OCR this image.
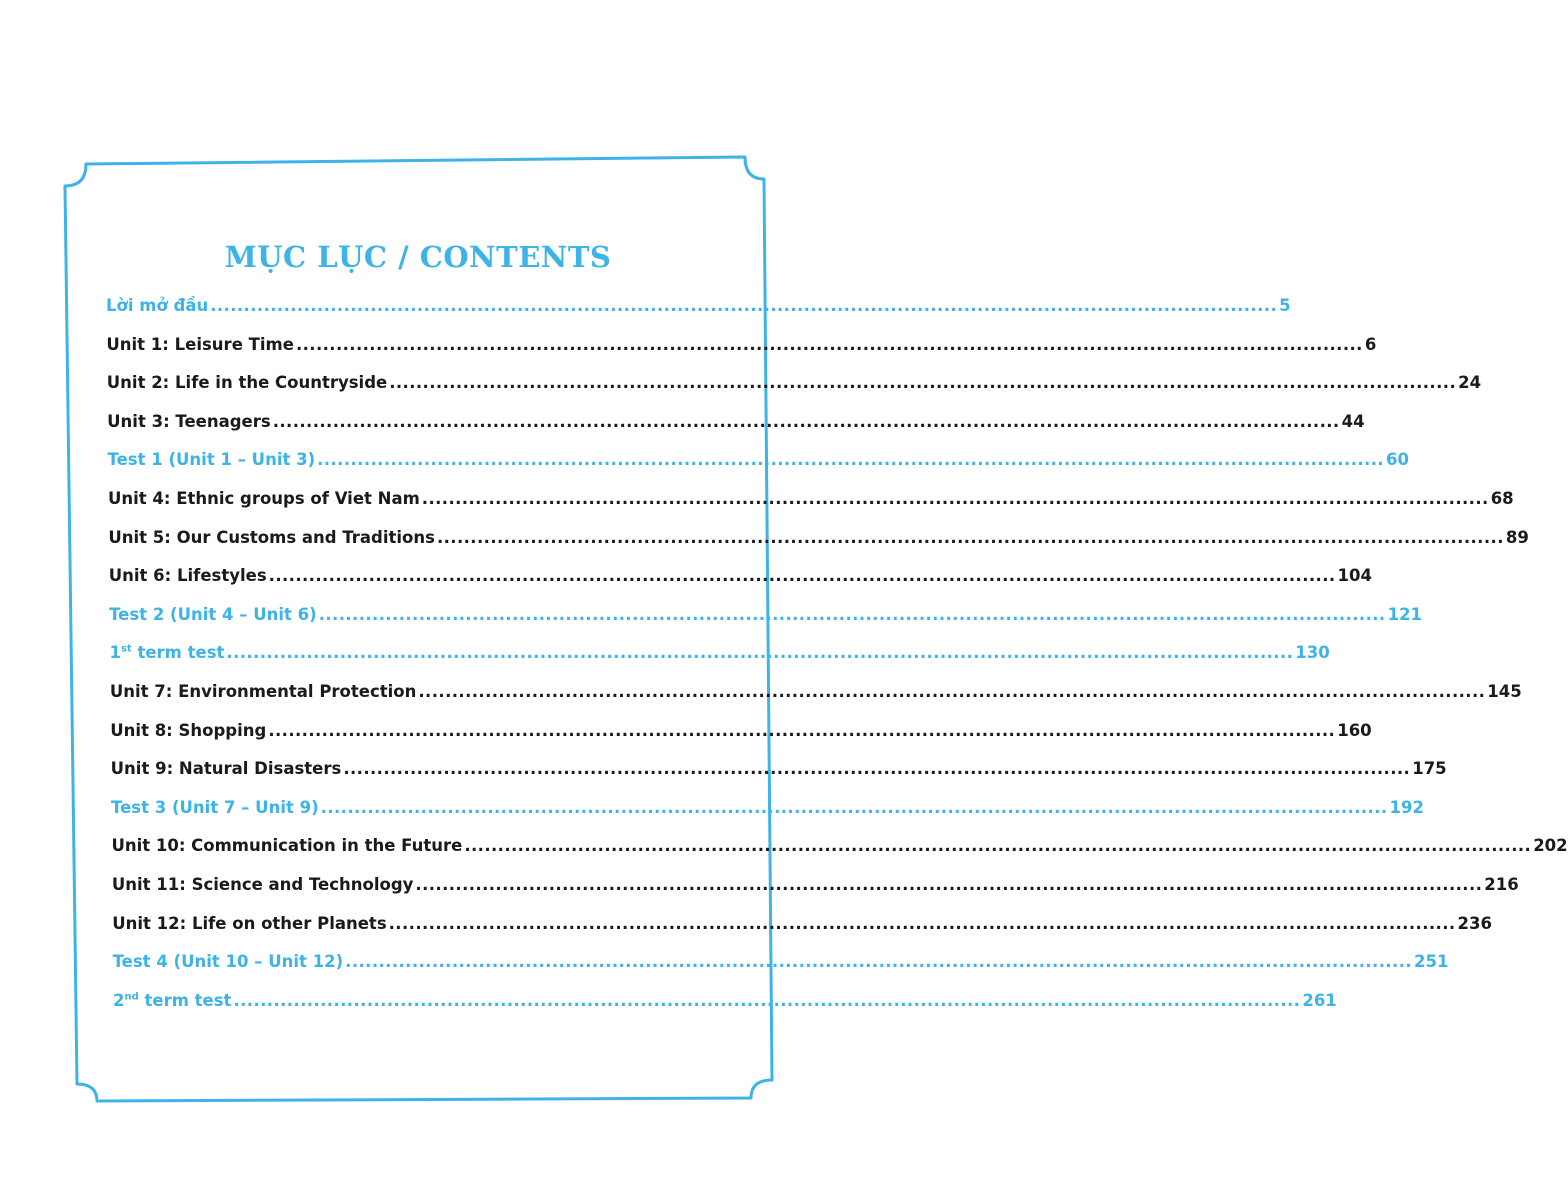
MỤC LỤC / CONTENTS
Lời mở đầu ................................................................................................................................................................ 5
Unit 1: Leisure Time ................................................................................................................................................................ 6
Unit 2: Life in the Countryside ................................................................................................................................................................ 24
Unit 3: Teenagers ................................................................................................................................................................ 44
Test 1 (Unit 1 – Unit 3) ................................................................................................................................................................ 60
Unit 4: Ethnic groups of Viet Nam ................................................................................................................................................................ 68
Unit 5: Our Customs and Traditions ................................................................................................................................................................ 89
Unit 6: Lifestyles ................................................................................................................................................................ 104
Test 2 (Unit 4 – Unit 6) ................................................................................................................................................................ 121
1st term test ................................................................................................................................................................ 130
Unit 7: Environmental Protection ................................................................................................................................................................ 145
Unit 8: Shopping ................................................................................................................................................................ 160
Unit 9: Natural Disasters ................................................................................................................................................................ 175
Test 3 (Unit 7 – Unit 9) ................................................................................................................................................................ 192
Unit 10: Communication in the Future ................................................................................................................................................................ 202
Unit 11: Science and Technology ................................................................................................................................................................ 216
Unit 12: Life on other Planets ................................................................................................................................................................ 236
Test 4 (Unit 10 – Unit 12) ................................................................................................................................................................ 251
2nd term test ................................................................................................................................................................ 261
